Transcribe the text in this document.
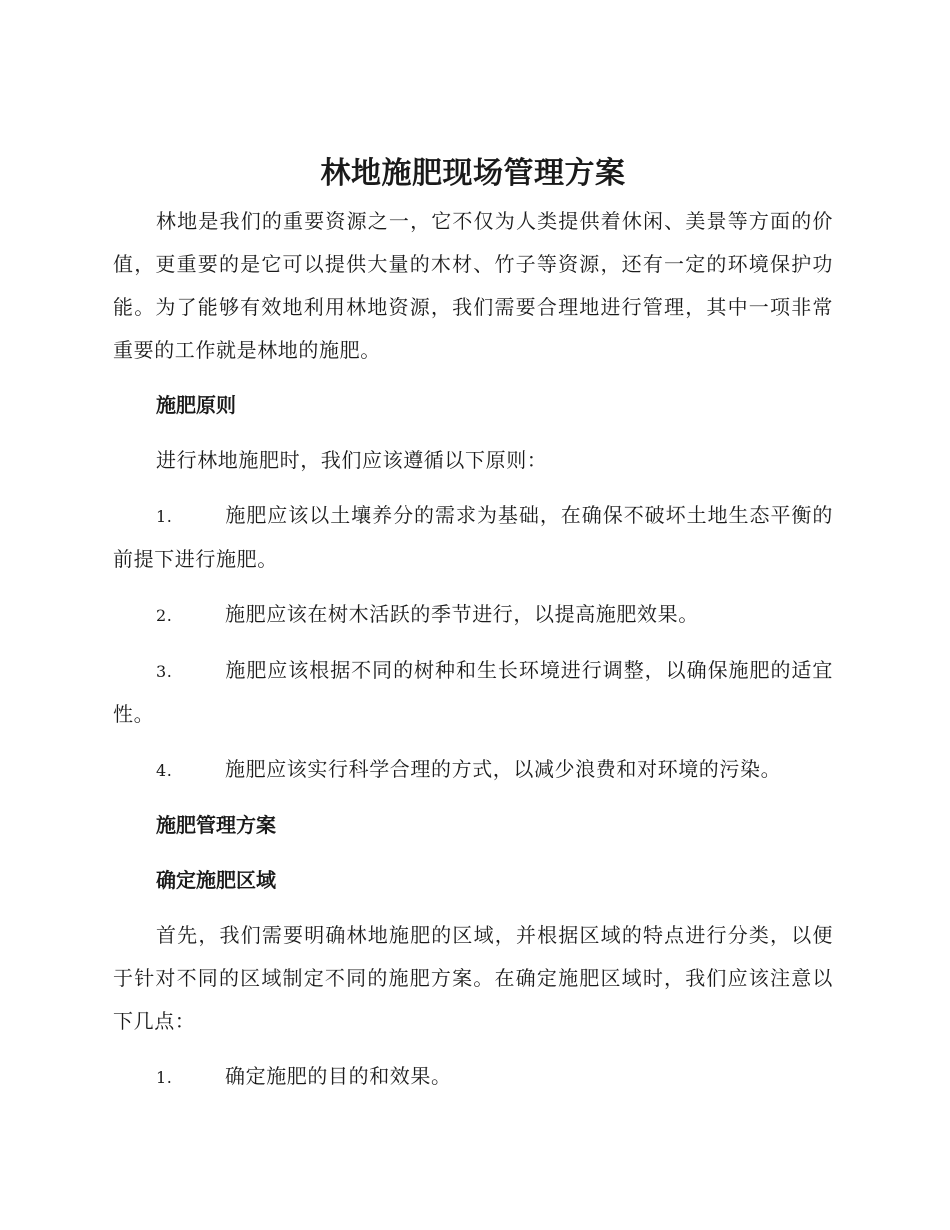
林地施肥现场管理方案

林地是我们的重要资源之一，它不仅为人类提供着休闲、美景等方面的价值，更重要的是它可以提供大量的木材、竹子等资源，还有一定的环境保护功能。为了能够有效地利用林地资源，我们需要合理地进行管理，其中一项非常重要的工作就是林地的施肥。

施肥原则

进行林地施肥时，我们应该遵循以下原则：

1.	施肥应该以土壤养分的需求为基础，在确保不破坏土地生态平衡的前提下进行施肥。
2.	施肥应该在树木活跃的季节进行，以提高施肥效果。
3.	施肥应该根据不同的树种和生长环境进行调整，以确保施肥的适宜性。
4.	施肥应该实行科学合理的方式，以减少浪费和对环境的污染。
施肥管理方案
确定施肥区域

首先，我们需要明确林地施肥的区域，并根据区域的特点进行分类，以便于针对不同的区域制定不同的施肥方案。在确定施肥区域时，我们应该注意以下几点：

1.	确定施肥的目的和效果。
